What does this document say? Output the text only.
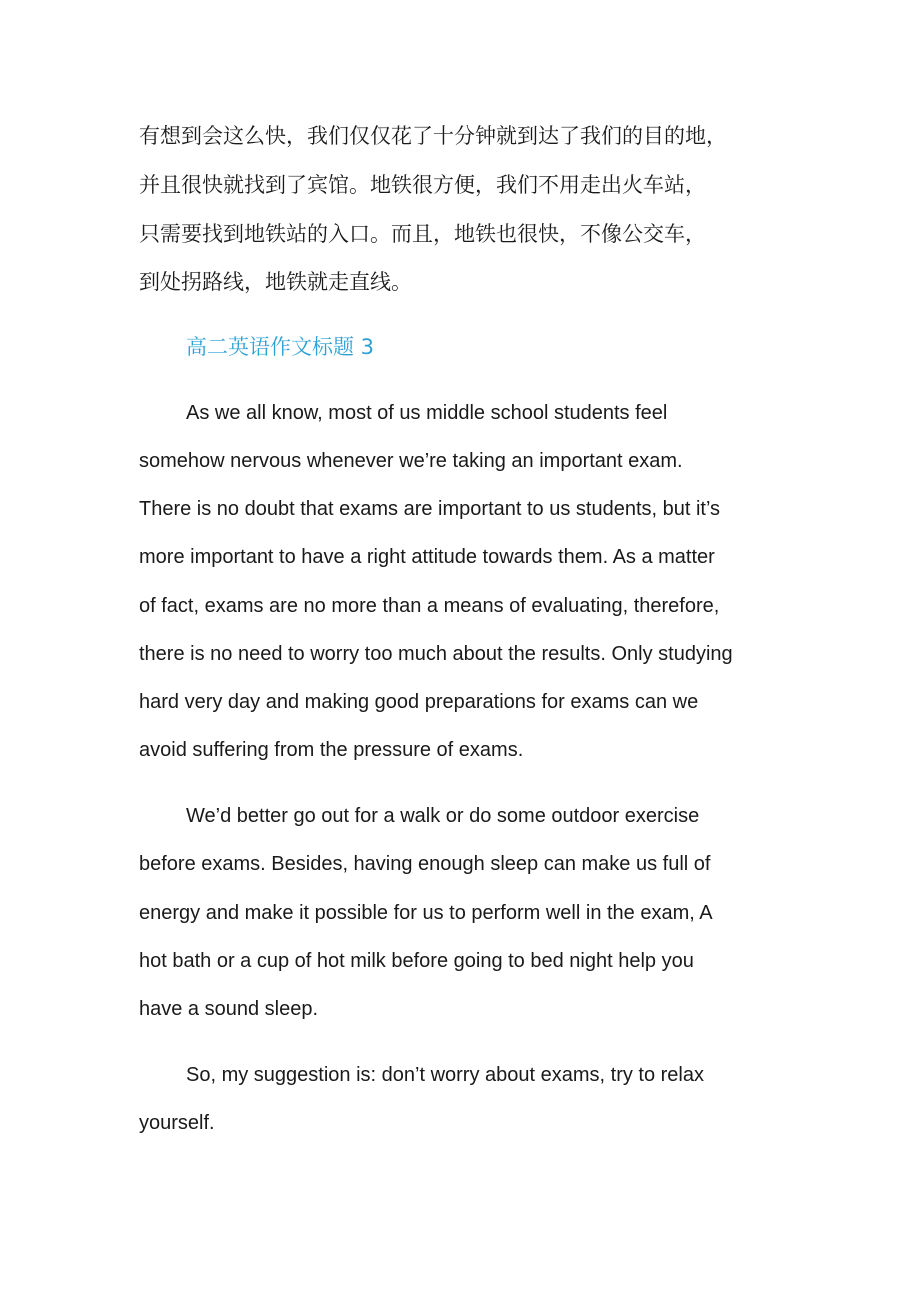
有想到会这么快，我们仅仅花了十分钟就到达了我们的目的地，
并且很快就找到了宾馆。地铁很方便，我们不用走出火车站，
只需要找到地铁站的入口。而且，地铁也很快，不像公交车，
到处拐路线，地铁就走直线。
高二英语作文标题 3
As we all know, most of us middle school students feel
somehow nervous whenever we’re taking an important exam.
There is no doubt that exams are important to us students, but it’s
more important to have a right attitude towards them. As a matter
of fact, exams are no more than a means of evaluating, therefore,
there is no need to worry too much about the results. Only studying
hard very day and making good preparations for exams can we
avoid suffering from the pressure of exams.
We’d better go out for a walk or do some outdoor exercise
before exams. Besides, having enough sleep can make us full of
energy and make it possible for us to perform well in the exam, A
hot bath or a cup of hot milk before going to bed night help you
have a sound sleep.
So, my suggestion is: don’t worry about exams, try to relax
yourself.
